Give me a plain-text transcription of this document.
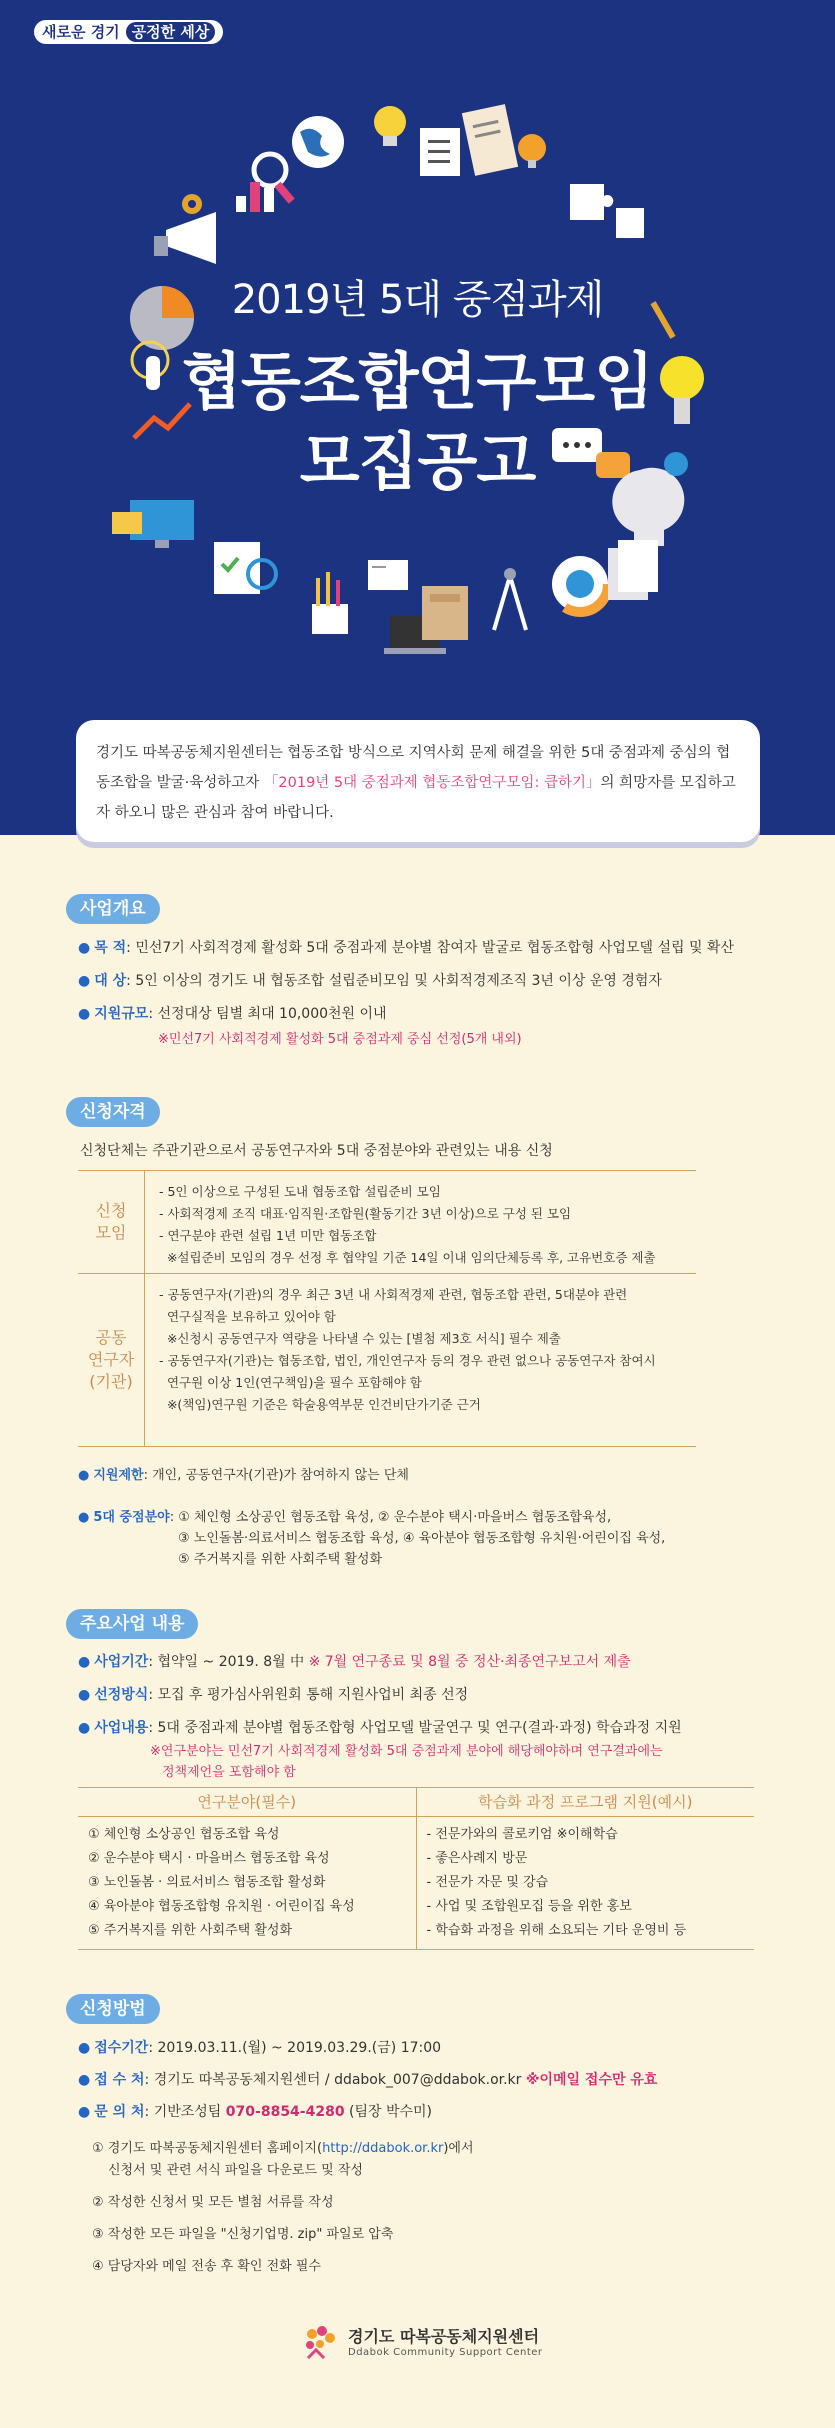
새로운 경기 공정한 세상
2019년 5대 중점과제
협동조합연구모임
모집공고

경기도 따복공동체지원센터는 협동조합 방식으로 지역사회 문제 해결을 위한 5대 중점과제 중심의 협동조합을 발굴·육성하고자 「2019년 5대 중점과제 협동조합연구모임: 큽하기」의 희망자를 모집하고자 하오니 많은 관심과 참여 바랍니다.

사업개요
● 목 적: 민선7기 사회적경제 활성화 5대 중점과제 분야별 참여자 발굴로 협동조합형 사업모델 설립 및 확산
● 대 상: 5인 이상의 경기도 내 협동조합 설립준비모임 및 사회적경제조직 3년 이상 운영 경험자
● 지원규모: 선정대상 팀별 최대 10,000천원 이내
※민선7기 사회적경제 활성화 5대 중점과제 중심 선정(5개 내외)
신청자격
신청단체는 주관기관으로서 공동연구자와 5대 중점분야와 관련있는 내용 신청
신청
모임
- 5인 이상으로 구성된 도내 협동조합 설립준비 모임
- 사회적경제 조직 대표·임직원·조합원(활동기간 3년 이상)으로 구성 된 모임
- 연구분야 관련 설립 1년 미만 협동조합
※설립준비 모임의 경우 선정 후 협약일 기준 14일 이내 임의단체등록 후, 고유번호증 제출
공동
연구자
(기관)
- 공동연구자(기관)의 경우 최근 3년 내 사회적경제 관련, 협동조합 관련, 5대분야 관련
연구실적을 보유하고 있어야 함
※신청시 공동연구자 역량을 나타낼 수 있는 [별첨 제3호 서식] 필수 제출
- 공동연구자(기관)는 협동조합, 법인, 개인연구자 등의 경우 관련 없으나 공동연구자 참여시
연구원 이상 1인(연구책임)을 필수 포함해야 함
※(책임)연구원 기준은 학술용역부문 인건비단가기준 근거
● 지원제한: 개인, 공동연구자(기관)가 참여하지 않는 단체
● 5대 중점분야: ① 체인형 소상공인 협동조합 육성, ② 운수분야 택시·마을버스 협동조합육성,
③ 노인돌봄·의료서비스 협동조합 육성, ④ 육아분야 협동조합형 유치원·어린이집 육성,
⑤ 주거복지를 위한 사회주택 활성화
주요사업 내용
● 사업기간: 협약일 ~ 2019. 8월 中 ※ 7월 연구종료 및 8월 중 정산·최종연구보고서 제출
● 선정방식: 모집 후 평가심사위원회 통해 지원사업비 최종 선정
● 사업내용: 5대 중점과제 분야별 협동조합형 사업모델 발굴연구 및 연구(결과·과정) 학습과정 지원
※연구분야는 민선7기 사회적경제 활성화 5대 중점과제 분야에 해당해야하며 연구결과에는
정책제언을 포함해야 함
연구분야(필수)
① 체인형 소상공인 협동조합 육성
② 운수분야 택시 · 마을버스 협동조합 육성
③ 노인돌봄 · 의료서비스 협동조합 활성화
④ 육아분야 협동조합형 유치원 · 어린이집 육성
⑤ 주거복지를 위한 사회주택 활성화
학습화 과정 프로그램 지원(예시)
- 전문가와의 콜로키엄 ※이해학습
- 좋은사례지 방문
- 전문가 자문 및 강습
- 사업 및 조합원모집 등을 위한 홍보
- 학습화 과정을 위해 소요되는 기타 운영비 등
신청방법
● 접수기간: 2019.03.11.(월) ~ 2019.03.29.(금) 17:00
● 접 수 처: 경기도 따복공동체지원센터 / ddabok_007@ddabok.or.kr ※이메일 접수만 유효
● 문 의 처: 기반조성팀 070-8854-4280 (팀장 박수미)
① 경기도 따복공동체지원센터 홈페이지(http://ddabok.or.kr)에서
신청서 및 관련 서식 파일을 다운로드 및 작성
② 작성한 신청서 및 모든 별첨 서류를 작성
③ 작성한 모든 파일을 "신청기업명. zip" 파일로 압축
④ 담당자와 메일 전송 후 확인 전화 필수
경기도 따복공동체지원센터
Ddabok Community Support Center
